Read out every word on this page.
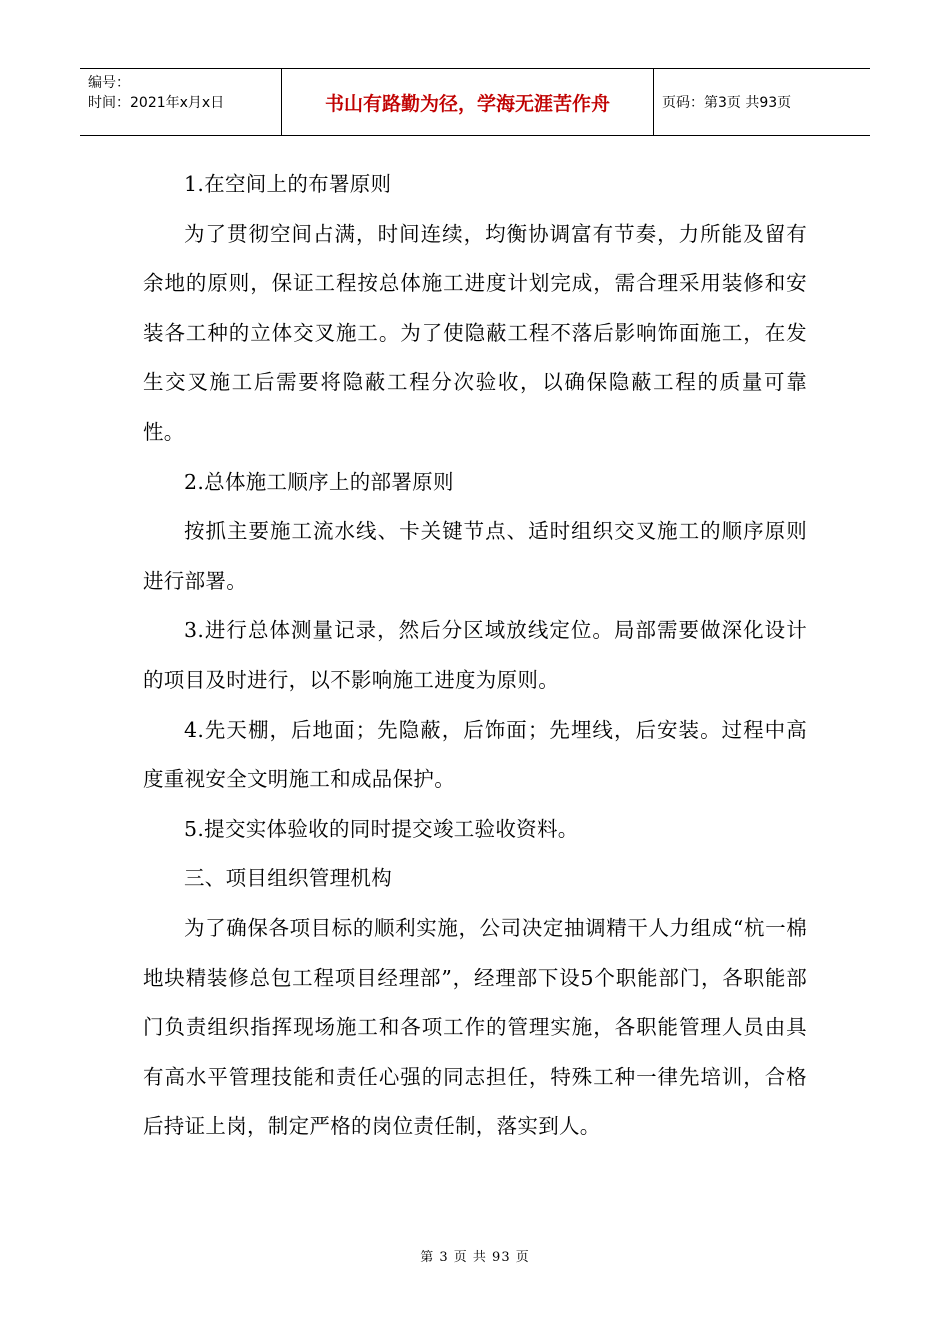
编号：
时间：2021年x月x日	书山有路勤为径，学海无涯苦作舟	页码：第3页 共93页

1.在空间上的布署原则

为了贯彻空间占满，时间连续，均衡协调富有节奏，力所能及留有余地的原则，保证工程按总体施工进度计划完成，需合理采用装修和安装各工种的立体交叉施工。为了使隐蔽工程不落后影响饰面施工，在发生交叉施工后需要将隐蔽工程分次验收，以确保隐蔽工程的质量可靠性。

2.总体施工顺序上的部署原则

按抓主要施工流水线、卡关键节点、适时组织交叉施工的顺序原则进行部署。

3.进行总体测量记录，然后分区域放线定位。局部需要做深化设计的项目及时进行，以不影响施工进度为原则。

4.先天棚，后地面；先隐蔽，后饰面；先埋线，后安装。过程中高度重视安全文明施工和成品保护。

5.提交实体验收的同时提交竣工验收资料。

三、项目组织管理机构

为了确保各项目标的顺利实施，公司决定抽调精干人力组成“杭一棉地块精装修总包工程项目经理部”，经理部下设5个职能部门，各职能部门负责组织指挥现场施工和各项工作的管理实施，各职能管理人员由具有高水平管理技能和责任心强的同志担任，特殊工种一律先培训，合格后持证上岗，制定严格的岗位责任制，落实到人。

第 3 页 共 93 页
